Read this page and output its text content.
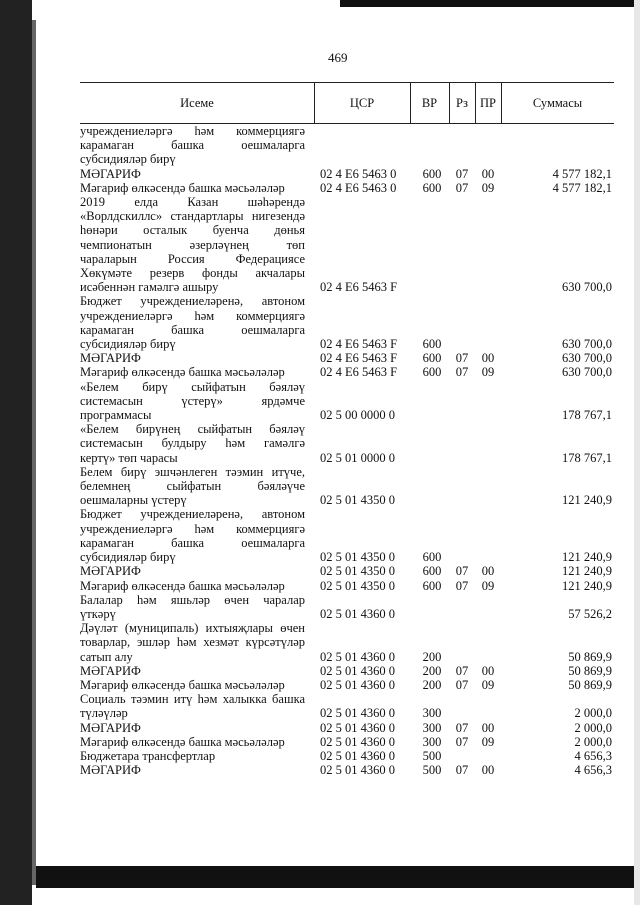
469
Исеме	ЦСР	ВР	Рз ПР	Суммасы
учреждениеләргә һәм коммерциягә
карамаган башка оешмаларга
субсидияләр бирү
МӘГАРИФ	02 4 Е6 5463 0	600	07	00	4 577 182,1
Мәгариф өлкәсендә башка мәсьәләләр	02 4 Е6 5463 0	600	07	09	4 577 182,1
2019 елда Казан шәһәрендә
«Ворлдскиллс» стандартлары нигезендә
һөнәри осталык буенча дөнья
чемпионатын әзерләүнең төп
чараларын Россия Федерациясе
Хөкүмәте резерв фонды акчалары
исәбеннән гамәлгә ашыру	02 4 Е6 5463 F	630 700,0
Бюджет учреждениеләренә, автоном
учреждениеләргә һәм коммерциягә
карамаган башка оешмаларга
субсидияләр бирү	02 4 Е6 5463 F	600	630 700,0
МӘГАРИФ	02 4 Е6 5463 F	600	07	00	630 700,0
Мәгариф өлкәсендә башка мәсьәләләр	02 4 Е6 5463 F	600	07	09	630 700,0
«Белем бирү сыйфатын бәяләү
системасын үстерү» ярдәмче
программасы	02 5 00 0000 0	178 767,1
«Белем бирүнең сыйфатын бәяләү
системасын булдыру һәм гамәлгә
кертү» төп чарасы	02 5 01 0000 0	178 767,1
Белем бирү эшчәнлеген тәэмин итүче,
белемнең сыйфатын бәяләүче
оешмаларны үстерү	02 5 01 4350 0	121 240,9
Бюджет учреждениеләренә, автоном
учреждениеләргә һәм коммерциягә
карамаган башка оешмаларга
субсидияләр бирү	02 5 01 4350 0	600	121 240,9
МӘГАРИФ	02 5 01 4350 0	600	07	00	121 240,9
Мәгариф өлкәсендә башка мәсьәләләр	02 5 01 4350 0	600	07	09	121 240,9
Балалар һәм яшьләр өчен чаралар
үткәрү	02 5 01 4360 0	57 526,2
Дәүләт (муниципаль) ихтыяҗлары өчен
товарлар, эшләр һәм хезмәт күрсәтүләр
сатып алу	02 5 01 4360 0	200	50 869,9
МӘГАРИФ	02 5 01 4360 0	200	07	00	50 869,9
Мәгариф өлкәсендә башка мәсьәләләр	02 5 01 4360 0	200	07	09	50 869,9
Социаль тәэмин итү һәм халыкка башка
түләүләр	02 5 01 4360 0	300	2 000,0
МӘГАРИФ	02 5 01 4360 0	300	07	00	2 000,0
Мәгариф өлкәсендә башка мәсьәләләр	02 5 01 4360 0	300	07	09	2 000,0
Бюджетара трансфертлар	02 5 01 4360 0	500	4 656,3
МӘГАРИФ	02 5 01 4360 0	500	07	00	4 656,3
